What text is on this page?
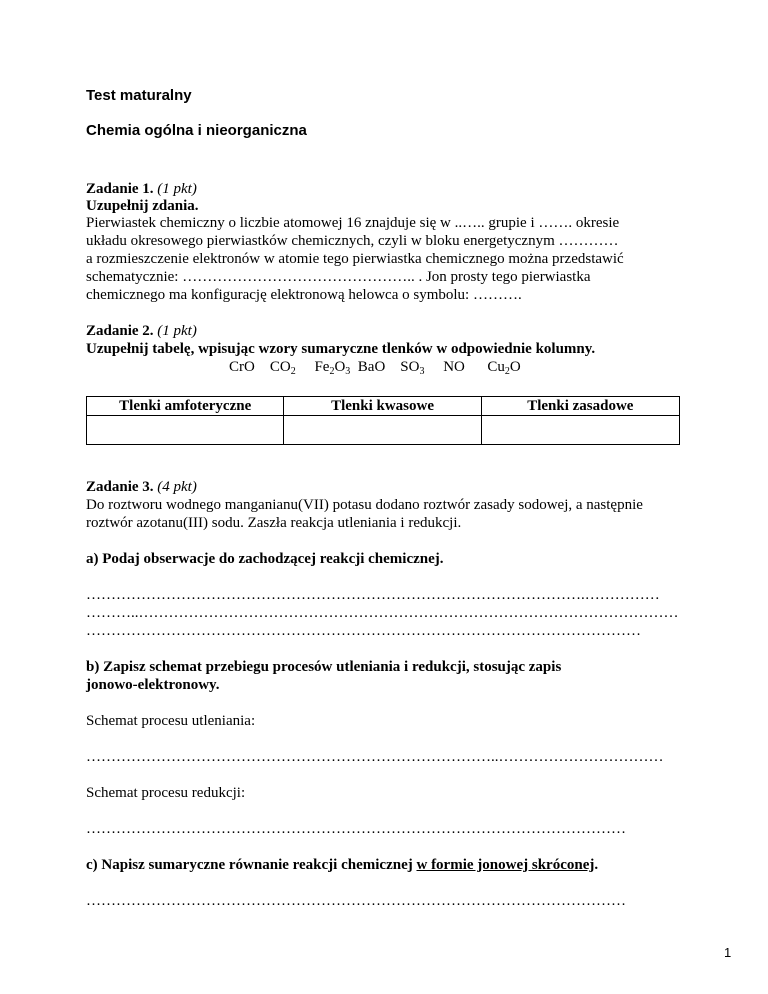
Test maturalny
Chemia ogólna i nieorganiczna
Zadanie 1. (1 pkt)
Uzupełnij zdania.
Pierwiastek chemiczny o liczbie atomowej 16 znajduje się w ..….. grupie i ……. okresie
układu okresowego pierwiastków chemicznych, czyli w bloku energetycznym …………
a rozmieszczenie elektronów w atomie tego pierwiastka chemicznego można przedstawić
schematycznie: ……………………………………….. . Jon prosty tego pierwiastka
chemicznego ma konfigurację elektronową helowca o symbolu: ……….
Zadanie 2. (1 pkt)
Uzupełnij tabelę, wpisując wzory sumaryczne tlenków w odpowiednie kolumny.
CrO $CO_2$ $Fe_2O_3$ BaO $SO_3$ NO $Cu_2O$
Tlenki amfoteryczne	Tlenki kwasowe	Tlenki zasadowe

Zadanie 3. (4 pkt)
Do roztworu wodnego manganianu(VII) potasu dodano roztwór zasady sodowej, a następnie
roztwór azotanu(III) sodu. Zaszła reakcja utleniania i redukcji.
a) Podaj obserwacje do zachodzącej reakcji chemicznej.
……………………………………………………………………………………….……………
………..………………………………………………………………………………………………
…………………………………………………………………………………………………
b) Zapisz schemat przebiegu procesów utleniania i redukcji, stosując zapis
jonowo-elektronowy.
Schemat procesu utleniania:
………………………………………………………………………..……………………………
Schemat procesu redukcji:
………………………………………………………………………………………………
c) Napisz sumaryczne równanie reakcji chemicznej w formie jonowej skróconej.
………………………………………………………………………………………………
1
